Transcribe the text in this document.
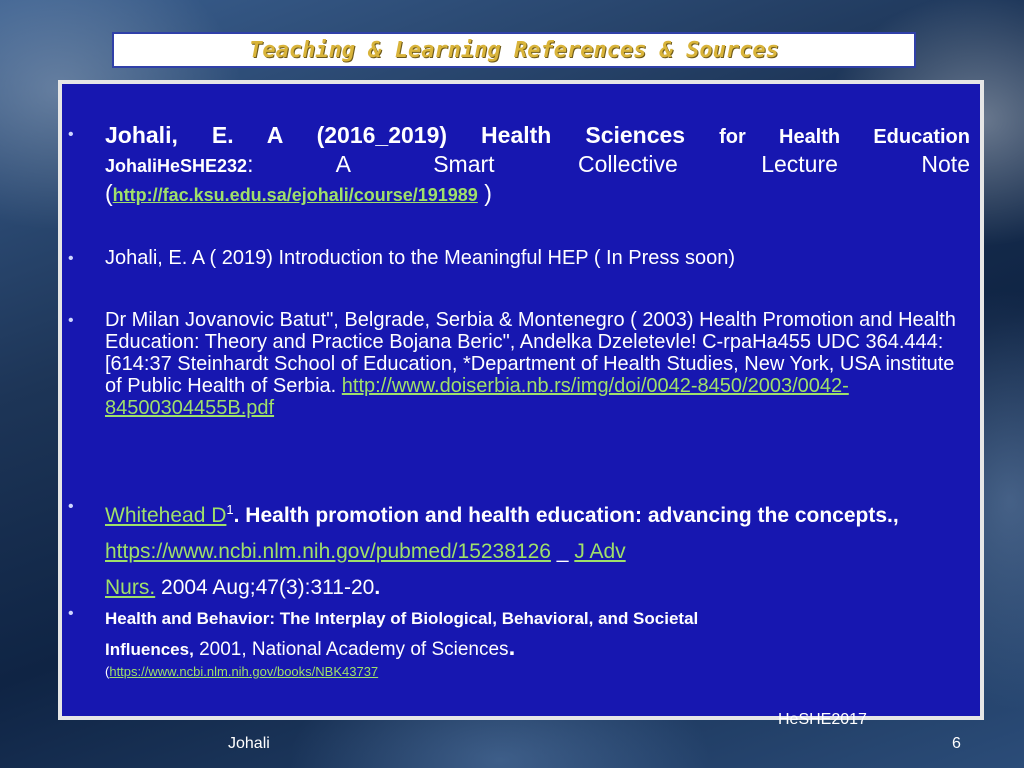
Teaching & Learning References & Sources
• Johali, E. A (2016_2019) Health Sciences for Health Education
JohaliHeSHE232: A Smart Collective Lecture Note
(http://fac.ksu.edu.sa/ejohali/course/191989 )
• Johali, E. A ( 2019) Introduction to the Meaningful HEP ( In Press soon)
• Dr Milan Jovanovic Batut", Belgrade, Serbia & Montenegro ( 2003) Health Promotion and Health Education: Theory and Practice Bojana Beric", Andelka Dzeletevle! C-rpaHa455 UDC 364.444:[614:37 Steinhardt School of Education, *Department of Health Studies, New York, USA institute of Public Health of Serbia. http://www.doiserbia.nb.rs/img/doi/0042-8450/2003/0042-84500304455B.pdf
• Whitehead $D^1$. Health promotion and health education: advancing the concepts., https://www.ncbi.nlm.nih.gov/pubmed/15238126 _ J Adv
Nurs. 2004 Aug;47(3):311-20.
• Health and Behavior: The Interplay of Biological, Behavioral, and Societal
Influences, 2001, National Academy of Sciences.
(https://www.ncbi.nlm.nih.gov/books/NBK43737
HeSHE2017
Johali	6
